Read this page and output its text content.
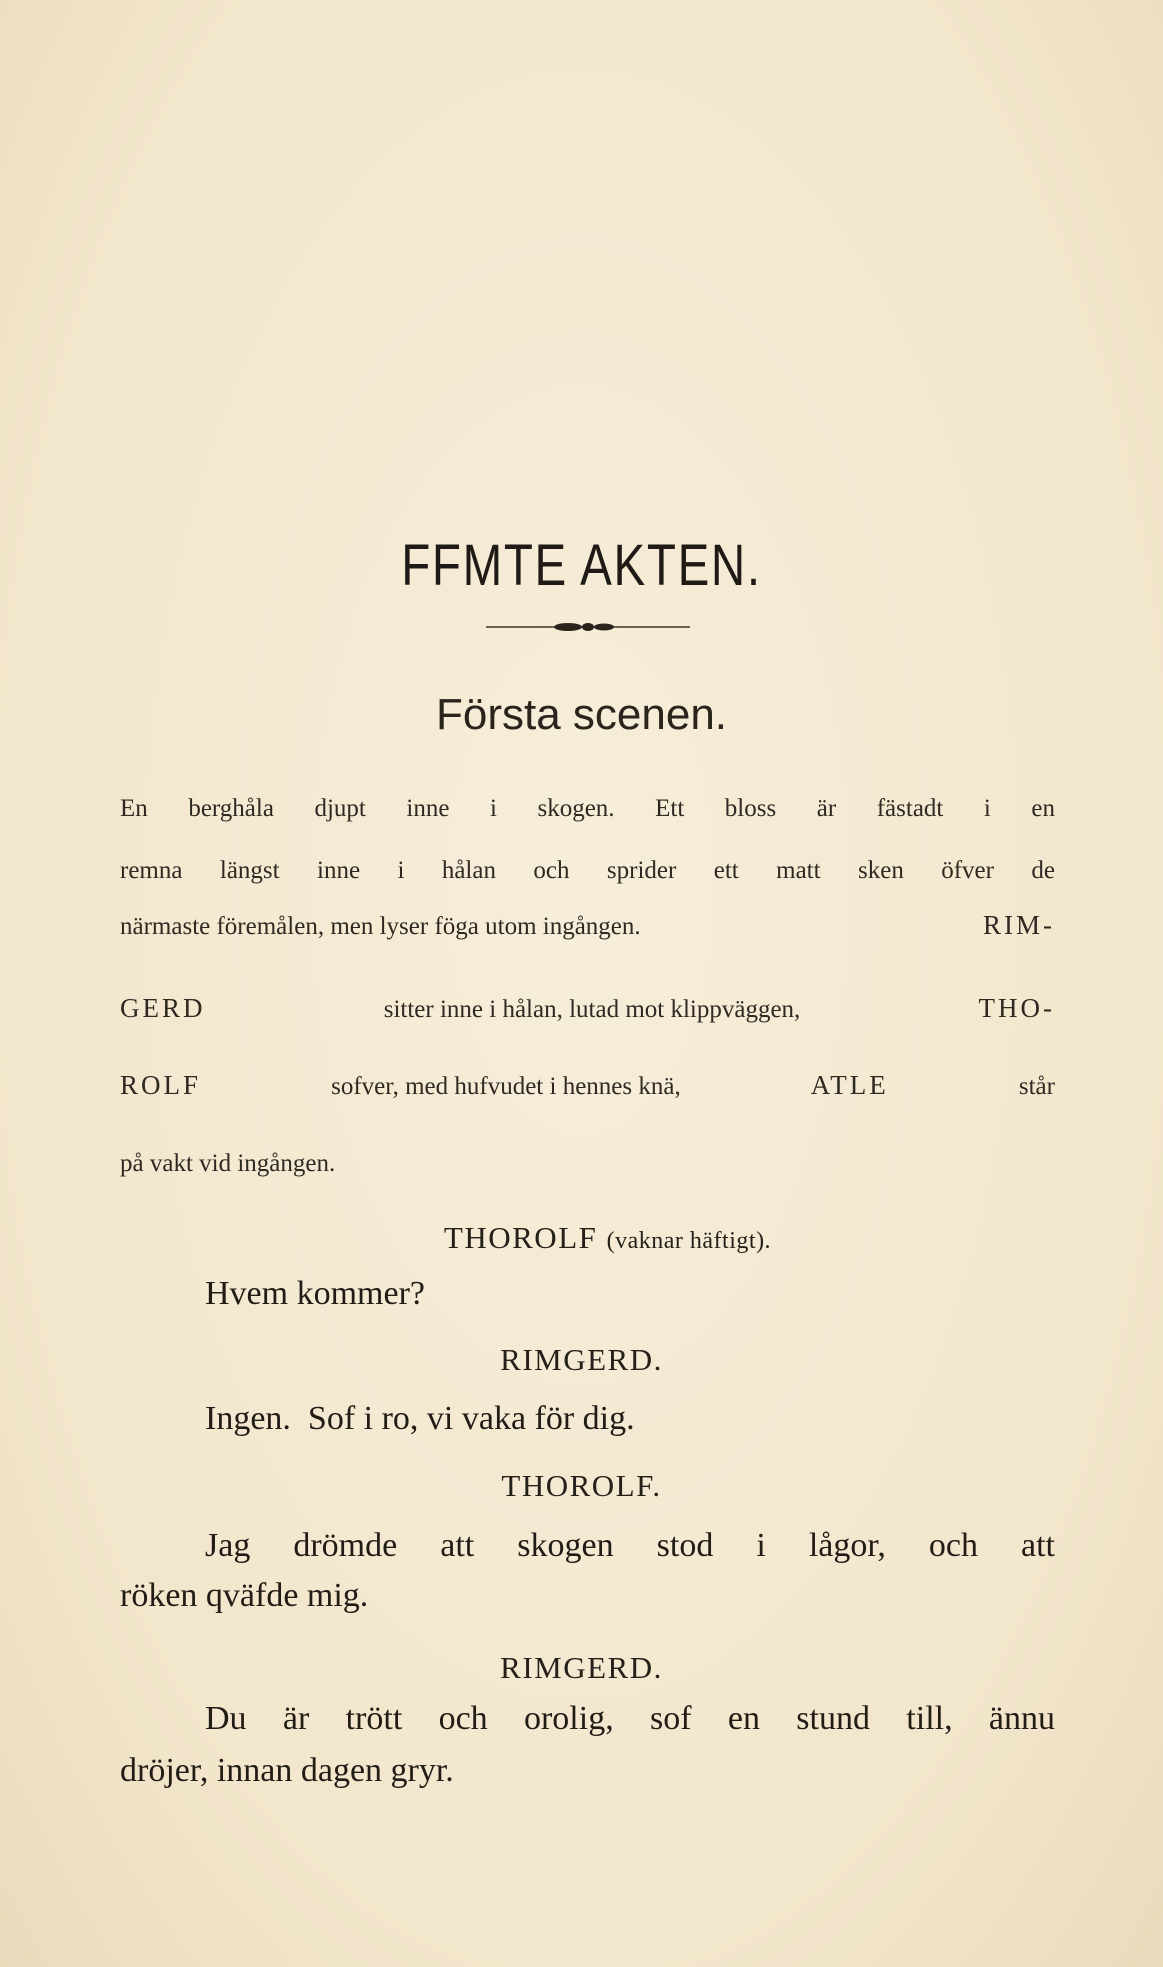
FFMTE AKTEN.
Första scenen.
En berghåla djupt inne i skogen. Ett bloss är fästadt i en
remna längst inne i hålan och sprider ett matt sken öfver de
närmaste föremålen, men lyser föga utom ingången.	RIM-
GERD	sitter inne i hålan, lutad mot klippväggen,	THO-
ROLF	sofver, med hufvudet i hennes knä,	ATLE	står
på vakt vid ingången.
THOROLF (vaknar häftigt).
Hvem kommer?
RIMGERD.
Ingen.  Sof i ro, vi vaka för dig.
THOROLF.
Jag drömde att skogen stod i lågor, och att
röken qväfde mig.
RIMGERD.
Du är trött och orolig, sof en stund till, ännu
dröjer, innan dagen gryr.
